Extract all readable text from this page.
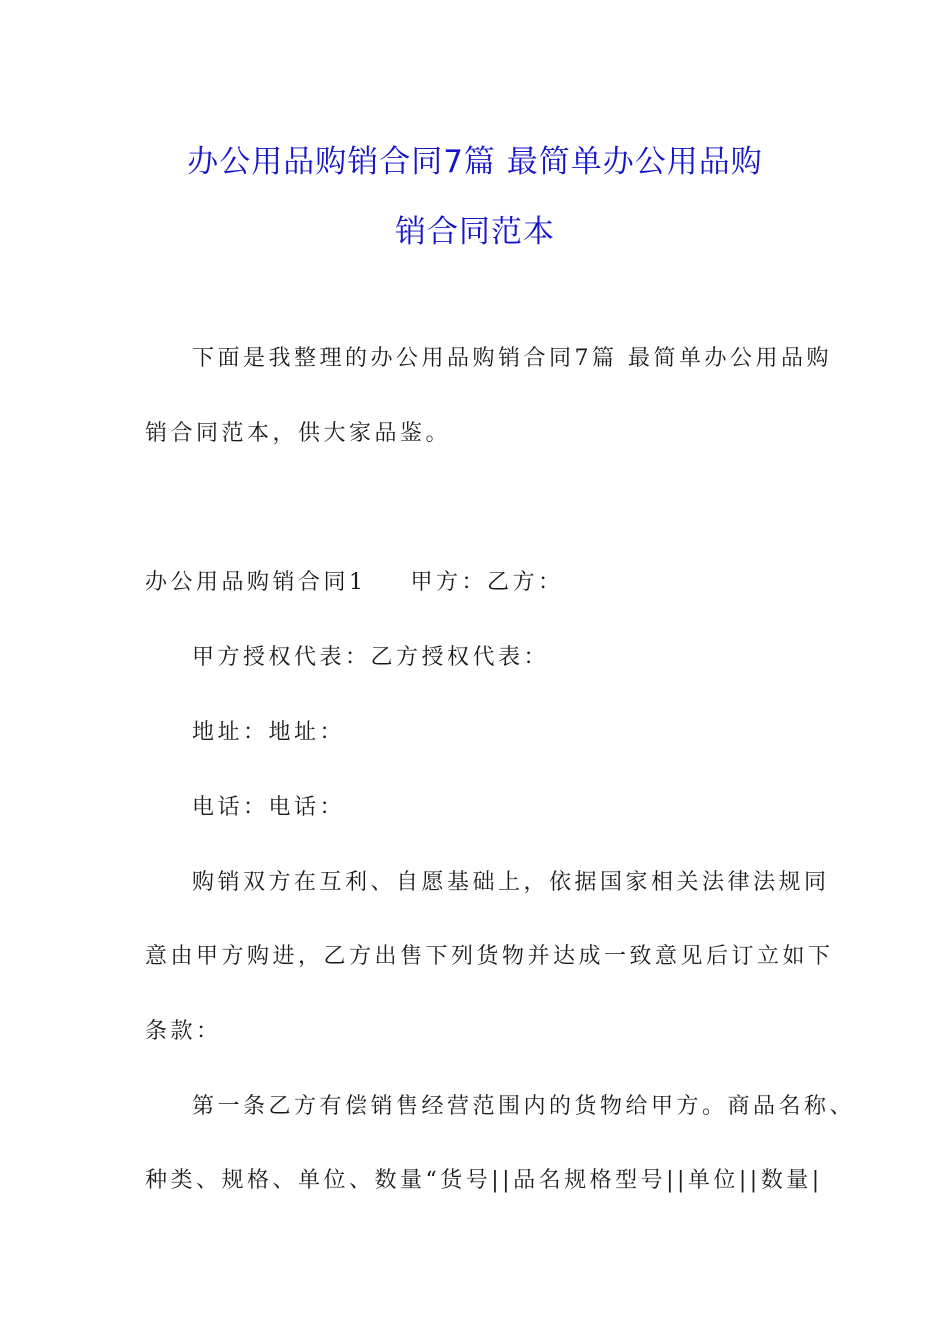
办公用品购销合同7篇 最简单办公用品购
销合同范本
下面是我整理的办公用品购销合同7篇 最简单办公用品购
销合同范本，供大家品鉴。
办公用品购销合同1 甲方：乙方：
甲方授权代表：乙方授权代表：
地址：地址：
电话：电话：
购销双方在互利、自愿基础上，依据国家相关法律法规同
意由甲方购进，乙方出售下列货物并达成一致意见后订立如下
条款：
第一条乙方有偿销售经营范围内的货物给甲方。商品名称、
种类、规格、单位、数量“货号||品名规格型号||单位||数量|
